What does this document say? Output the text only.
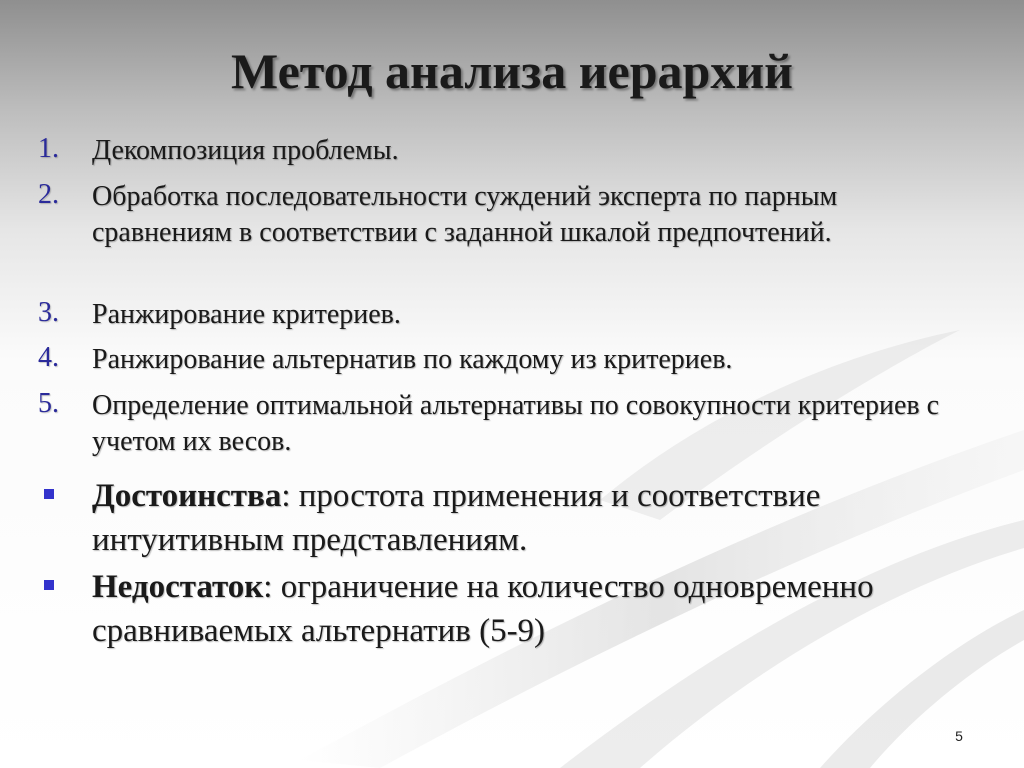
Метод анализа иерархий
1. Декомпозиция проблемы.
2. Обработка последовательности суждений эксперта по парным сравнениям в соответствии с заданной шкалой предпочтений.
3. Ранжирование критериев.
4. Ранжирование альтернатив по каждому из критериев.
5. Определение оптимальной альтернативы по совокупности критериев с учетом их весов.
Достоинства: простота применения и соответствие интуитивным представлениям.
Недостаток: ограничение на количество одновременно сравниваемых альтернатив (5-9)
5
